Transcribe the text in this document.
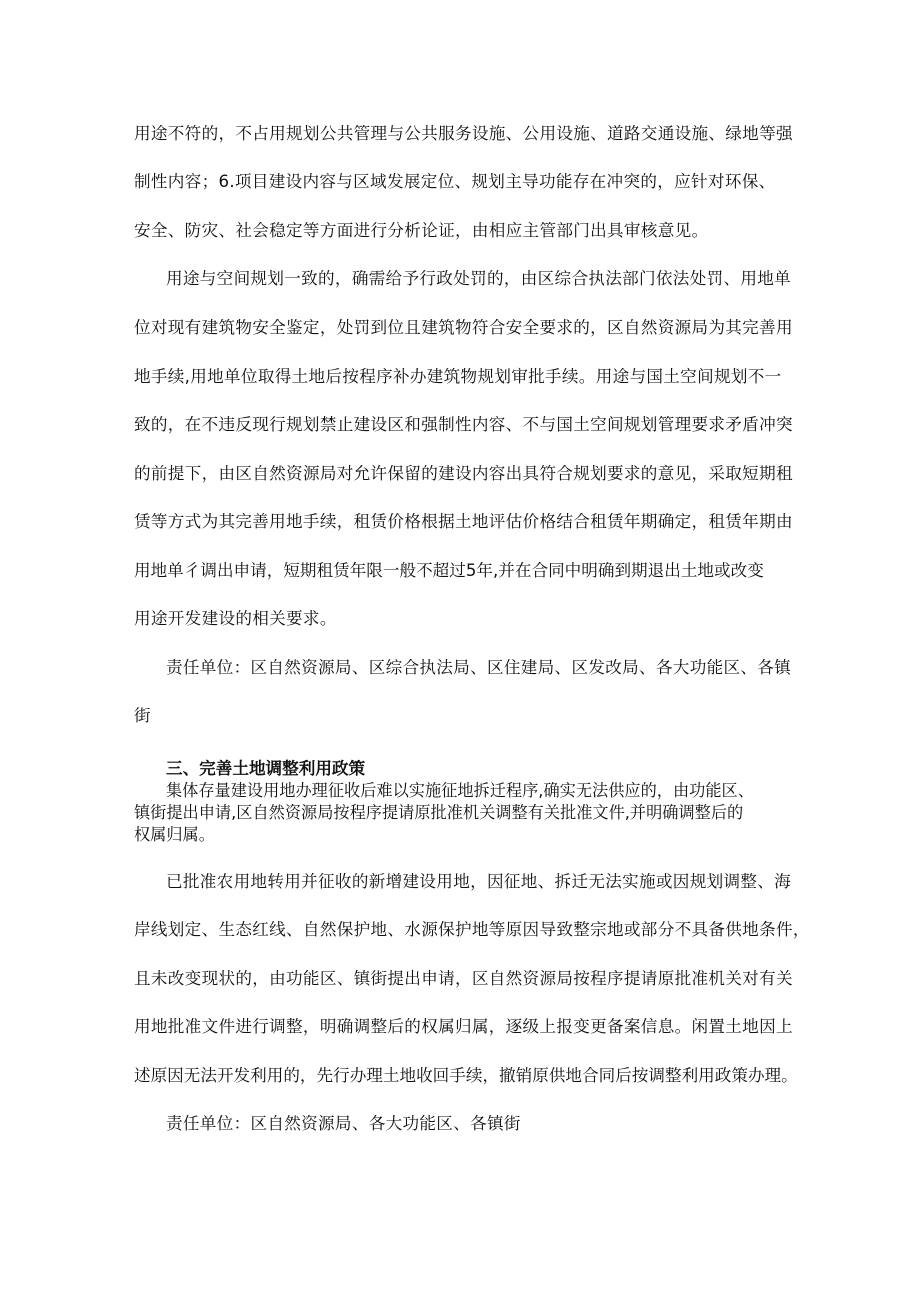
用途不符的，不占用规划公共管理与公共服务设施、公用设施、道路交通设施、绿地等强
制性内容；6.项目建设内容与区域发展定位、规划主导功能存在冲突的，应针对环保、
安全、防灾、社会稳定等方面进行分析论证，由相应主管部门出具审核意见。
用途与空间规划一致的，确需给予行政处罚的，由区综合执法部门依法处罚、用地单
位对现有建筑物安全鉴定，处罚到位且建筑物符合安全要求的，区自然资源局为其完善用
地手续,用地单位取得土地后按程序补办建筑物规划审批手续。用途与国土空间规划不一
致的，在不违反现行规划禁止建设区和强制性内容、不与国土空间规划管理要求矛盾冲突
的前提下，由区自然资源局对允许保留的建设内容出具符合规划要求的意见，采取短期租
赁等方式为其完善用地手续，租赁价格根据土地评估价格结合租赁年期确定，租赁年期由
用地单彳调出申请，短期租赁年限一般不超过5年,并在合同中明确到期退出土地或改变
用途开发建设的相关要求。
责任单位：区自然资源局、区综合执法局、区住建局、区发改局、各大功能区、各镇
街
三、完善土地调整利用政策
集体存量建设用地办理征收后难以实施征地拆迁程序,确实无法供应的，由功能区、
镇街提出申请,区自然资源局按程序提请原批准机关调整有关批准文件,并明确调整后的
权属归属。
已批准农用地转用并征收的新增建设用地，因征地、拆迁无法实施或因规划调整、海
岸线划定、生态红线、自然保护地、水源保护地等原因导致整宗地或部分不具备供地条件，
且未改变现状的，由功能区、镇街提出申请，区自然资源局按程序提请原批准机关对有关
用地批准文件进行调整，明确调整后的权属归属，逐级上报变更备案信息。闲置土地因上
述原因无法开发利用的，先行办理土地收回手续，撤销原供地合同后按调整利用政策办理。
责任单位：区自然资源局、各大功能区、各镇街
